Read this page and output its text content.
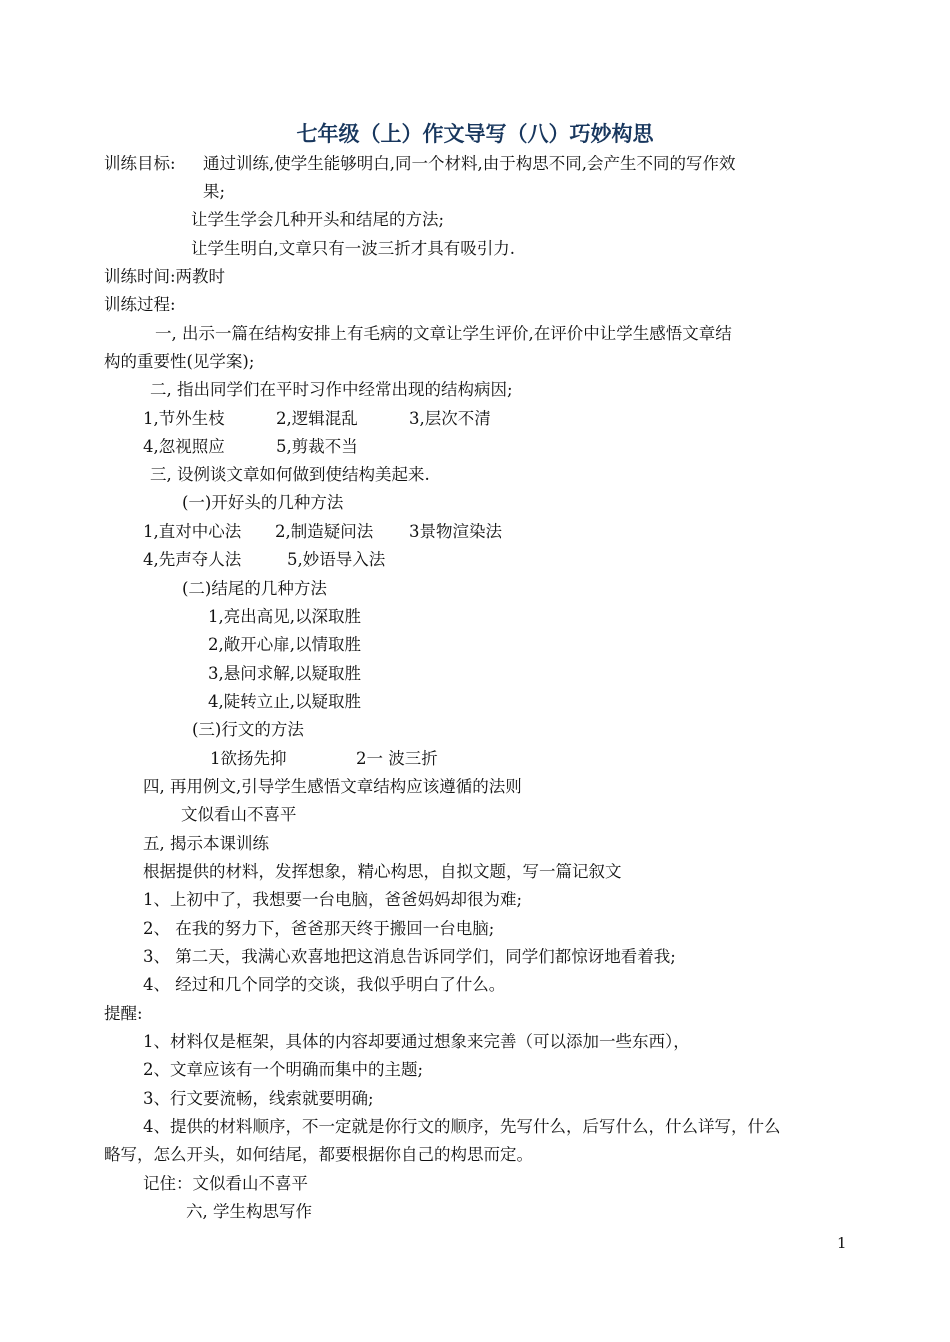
七年级（上）作文导写（八）巧妙构思
训练目标: 通过训练,使学生能够明白,同一个材料,由于构思不同,会产生不同的写作效
果;
让学生学会几种开头和结尾的方法;
让学生明白,文章只有一波三折才具有吸引力.
训练时间:两教时
训练过程:
一, 出示一篇在结构安排上有毛病的文章让学生评价,在评价中让学生感悟文章结
构的重要性(见学案);
二, 指出同学们在平时习作中经常出现的结构病因;
1,节外生枝	2,逻辑混乱	3,层次不清
4,忽视照应	5,剪裁不当
三, 设例谈文章如何做到使结构美起来.
(一)开好头的几种方法
1,直对中心法 2,制造疑问法 3景物渲染法
4,先声夺人法	5,妙语导入法
(二)结尾的几种方法
1,亮出高见,以深取胜
2,敞开心扉,以情取胜
3,悬问求解,以疑取胜
4,陡转立止,以疑取胜
(三)行文的方法
1欲扬先抑	2一 波三折
四, 再用例文,引导学生感悟文章结构应该遵循的法则
文似看山不喜平
五, 揭示本课训练
根据提供的材料，发挥想象，精心构思，自拟文题，写一篇记叙文
1、上初中了，我想要一台电脑，爸爸妈妈却很为难;
2、 在我的努力下，爸爸那天终于搬回一台电脑;
3、 第二天，我满心欢喜地把这消息告诉同学们，同学们都惊讶地看着我;
4、 经过和几个同学的交谈，我似乎明白了什么。
提醒:
1、材料仅是框架，具体的内容却要通过想象来完善（可以添加一些东西），
2、文章应该有一个明确而集中的主题;
3、行文要流畅，线索就要明确;
4、提供的材料顺序，不一定就是你行文的顺序，先写什么，后写什么，什么详写，什么
略写，怎么开头，如何结尾，都要根据你自己的构思而定。
记住：文似看山不喜平
六, 学生构思写作
1
